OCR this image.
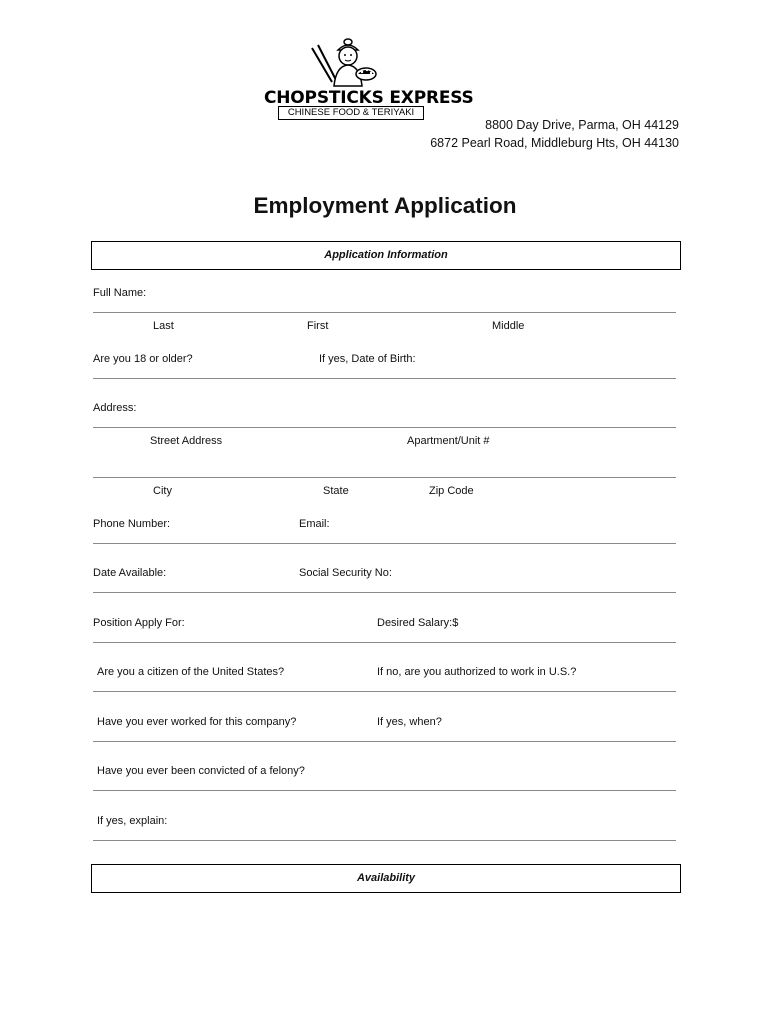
CHOPSTICKS EXPRESS
CHINESE FOOD & TERIYAKI
8800 Day Drive, Parma, OH 44129
6872 Pearl Road, Middleburg Hts, OH 44130
Employment Application
Application Information
Full Name:
Last	First	Middle
Are you 18 or older?	If yes, Date of Birth:
Address:
Street Address	Apartment/Unit #
City	State	Zip Code
Phone Number:	Email:
Date Available:	Social Security No:
Position Apply For:	Desired Salary:$
Are you a citizen of the United States?	If no, are you authorized to work in U.S.?
Have you ever worked for this company?	If yes, when?
Have you ever been convicted of a felony?
If yes, explain:
Availability
